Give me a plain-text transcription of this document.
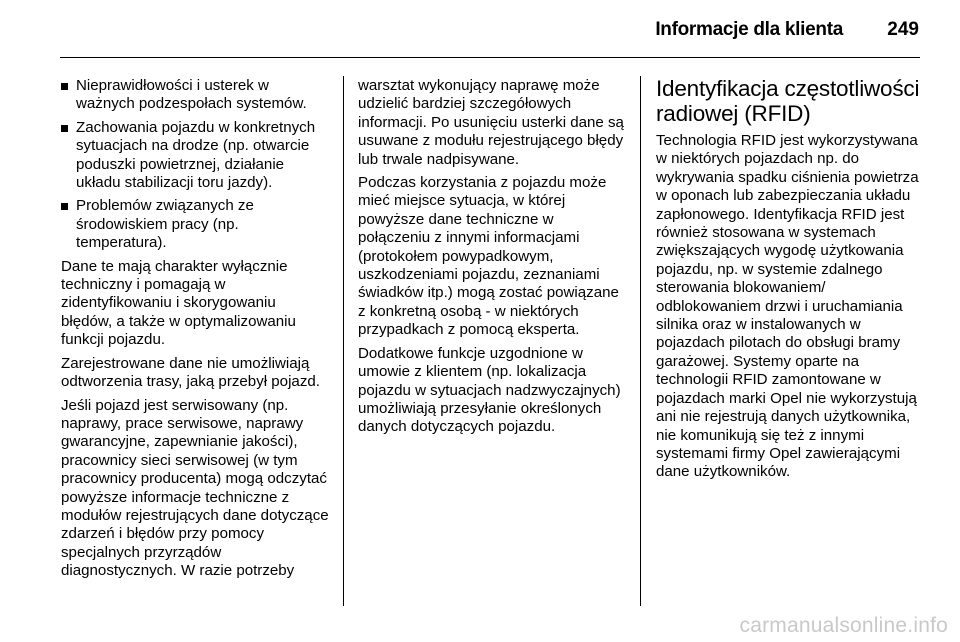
Informacje dla klienta 249
Nieprawidłowości i usterek w ważnych podzespołach systemów.
Zachowania pojazdu w konkretnych sytuacjach na drodze (np. otwarcie poduszki powietrznej, działanie układu stabilizacji toru jazdy).
Problemów związanych ze środowiskiem pracy (np. temperatura).

Dane te mają charakter wyłącznie techniczny i pomagają w zidentyfikowaniu i skorygowaniu błędów, a także w optymalizowaniu funkcji pojazdu.

Zarejestrowane dane nie umożliwiają odtworzenia trasy, jaką przebył pojazd.

Jeśli pojazd jest serwisowany (np. naprawy, prace serwisowe, naprawy gwarancyjne, zapewnianie jakości), pracownicy sieci serwisowej (w tym pracownicy producenta) mogą odczytać powyższe informacje techniczne z modułów rejestrujących dane dotyczące zdarzeń i błędów przy pomocy specjalnych przyrządów diagnostycznych. W razie potrzeby

warsztat wykonujący naprawę może udzielić bardziej szczegółowych informacji. Po usunięciu usterki dane są usuwane z modułu rejestrującego błędy lub trwale nadpisywane.

Podczas korzystania z pojazdu może mieć miejsce sytuacja, w której powyższe dane techniczne w połączeniu z innymi informacjami (protokołem powypadkowym, uszkodzeniami pojazdu, zeznaniami świadków itp.) mogą zostać powiązane z konkretną osobą - w niektórych przypadkach z pomocą eksperta.

Dodatkowe funkcje uzgodnione w umowie z klientem (np. lokalizacja pojazdu w sytuacjach nadzwyczajnych) umożliwiają przesyłanie określonych danych dotyczących pojazdu.

Identyfikacja częstotliwości radiowej (RFID)

Technologia RFID jest wykorzystywana w niektórych pojazdach np. do wykrywania spadku ciśnienia powietrza w oponach lub zabezpieczania układu zapłonowego. Identyfikacja RFID jest również stosowana w systemach zwiększających wygodę użytkowania pojazdu, np. w systemie zdalnego sterowania blokowaniem/ odblokowaniem drzwi i uruchamiania silnika oraz w instalowanych w pojazdach pilotach do obsługi bramy garażowej. Systemy oparte na technologii RFID zamontowane w pojazdach marki Opel nie wykorzystują ani nie rejestrują danych użytkownika, nie komunikują się też z innymi systemami firmy Opel zawierającymi dane użytkowników.

carmanualsonline.info
